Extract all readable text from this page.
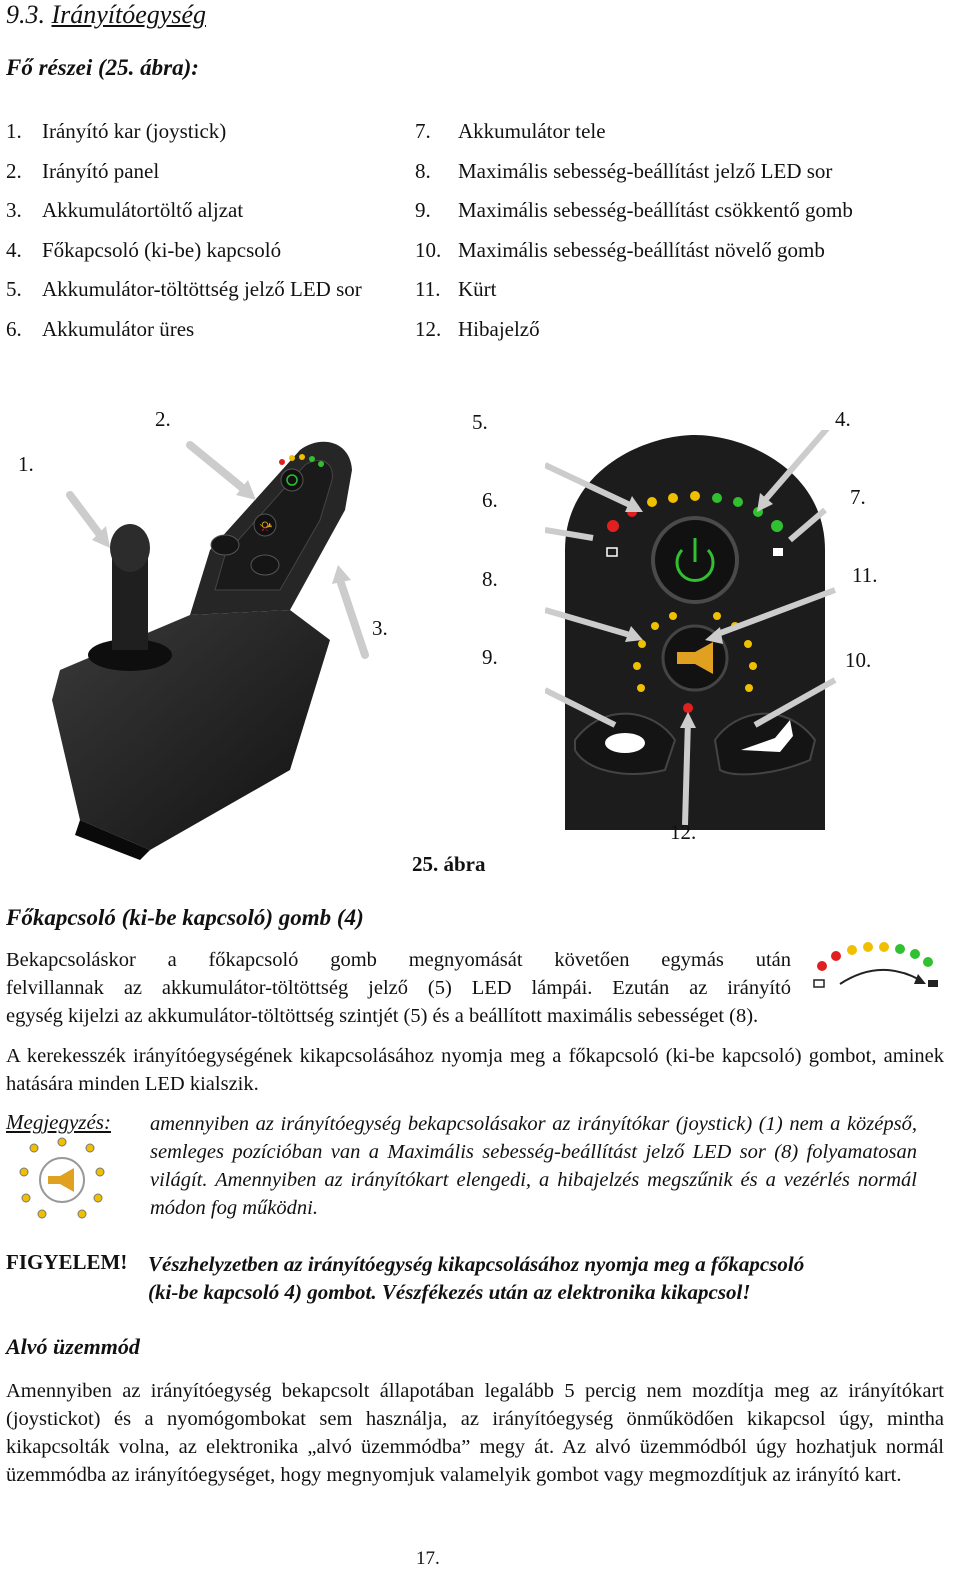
9.3. Irányítóegység
Fő részei (25. ábra):
1. Irányító kar (joystick)
2. Irányító panel
3. Akkumulátortöltő aljzat
4. Főkapcsoló (ki-be) kapcsoló
5. Akkumulátor-töltöttség jelző LED sor
6. Akkumulátor üres
7. Akkumulátor tele
8. Maximális sebesség-beállítást jelző LED sor
9. Maximális sebesség-beállítást csökkentő gomb
10. Maximális sebesség-beállítást növelő gomb
11. Kürt
12. Hibajelző
📯
1.
2.
3.
4.
5.
6.	7.
8.
9.	10.
11.
12.
25. ábra
Főkapcsoló (ki-be kapcsoló) gomb (4)
Bekapcsoláskor a főkapcsoló gomb megnyomását követően egymás után
felvillannak az akkumulátor-töltöttség jelző (5) LED lámpái. Ezután az irányító
egység kijelzi az akkumulátor-töltöttség szintjét (5) és a beállított maximális sebességet (8).
A kerekesszék irányítóegységének kikapcsolásához nyomja meg a főkapcsoló (ki-be kapcsoló) gombot, aminek hatására minden LED kialszik.
Megjegyzés: amennyiben az irányítóegység bekapcsolásakor az irányítókar (joystick) (1) nem a középső, semleges pozícióban van a Maximális sebesség-beállítást jelző LED sor (8) folyamatosan világít. Amennyiben az irányítókart elengedi, a hibajelzés megszűnik és a vezérlés normál módon fog működni.
FIGYELEM! Vészhelyzetben az irányítóegység kikapcsolásához nyomja meg a főkapcsoló
(ki-be kapcsoló 4) gombot. Vészfékezés után az elektronika kikapcsol!
Alvó üzemmód
Amennyiben az irányítóegység bekapcsolt állapotában legalább 5 percig nem mozdítja meg az irányítókart (joystickot) és a nyomógombokat sem használja, az irányítóegység önműködően kikapcsol úgy, mintha kikapcsolták volna, az elektronika „alvó üzemmódba” megy át. Az alvó üzemmódból úgy hozhatjuk normál üzemmódba az irányítóegységet, hogy megnyomjuk valamelyik gombot vagy megmozdítjuk az irányító kart.
17.
